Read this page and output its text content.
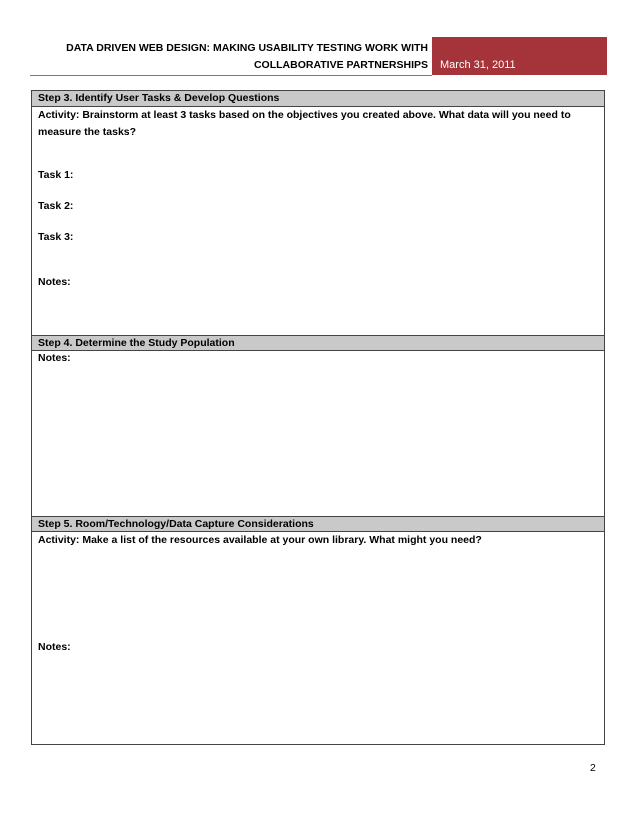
DATA DRIVEN WEB DESIGN: MAKING USABILITY TESTING WORK WITH
COLLABORATIVE PARTNERSHIPS	March 31, 2011
Step 3. Identify User Tasks & Develop Questions
Activity: Brainstorm at least 3 tasks based on the objectives you created above. What data will you need to measure the tasks?
Task 1:
Task 2:
Task 3:
Notes:
Step 4. Determine the Study Population
Notes:
Step 5. Room/Technology/Data Capture Considerations
Activity: Make a list of the resources available at your own library. What might you need?
Notes:
2
